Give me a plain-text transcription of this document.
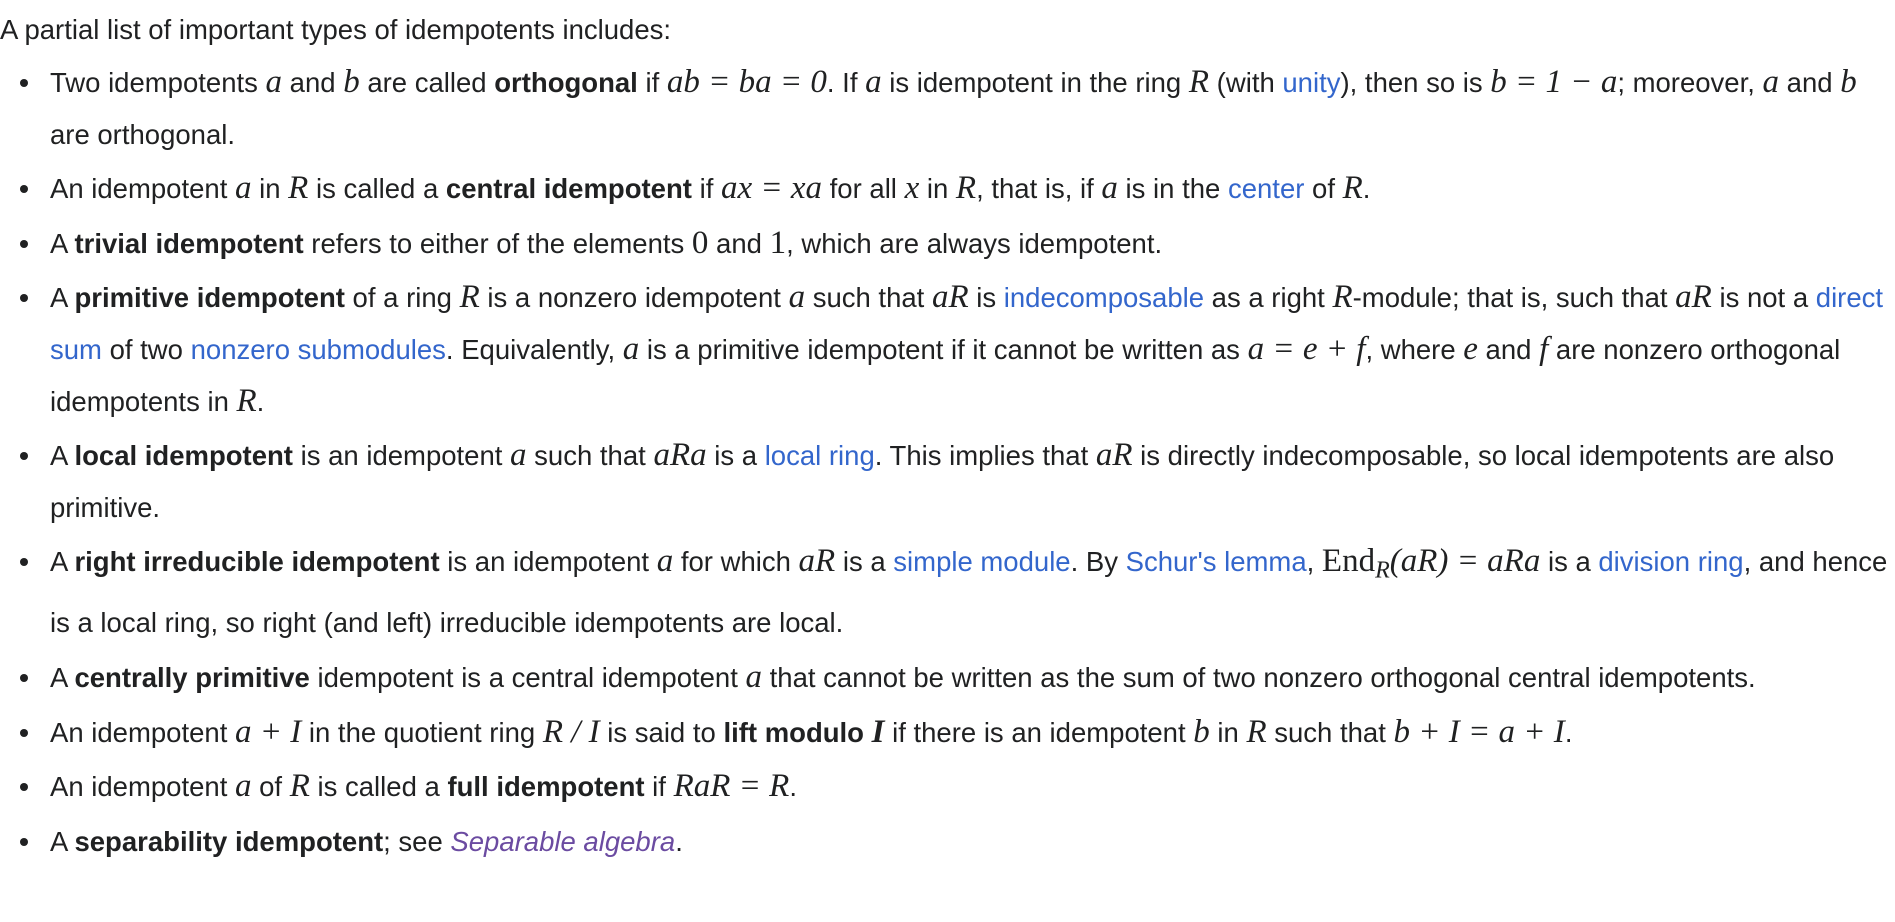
A partial list of important types of idempotents includes:

Two idempotents a and b are called orthogonal if ab = ba = 0. If a is idempotent in the ring R (with unity), then so is b = 1 − a; moreover, a and b are orthogonal.
An idempotent a in R is called a central idempotent if ax = xa for all x in R, that is, if a is in the center of R.
A trivial idempotent refers to either of the elements 0 and 1, which are always idempotent.
A primitive idempotent of a ring R is a nonzero idempotent a such that aR is indecomposable as a right R-module; that is, such that aR is not a direct sum of two nonzero submodules. Equivalently, a is a primitive idempotent if it cannot be written as a = e + f, where e and f are nonzero orthogonal idempotents in R.
A local idempotent is an idempotent a such that aRa is a local ring. This implies that aR is directly indecomposable, so local idempotents are also primitive.
A right irreducible idempotent is an idempotent a for which aR is a simple module. By Schur's lemma, End$_R$(aR) = aRa is a division ring, and hence is a local ring, so right (and left) irreducible idempotents are local.
A centrally primitive idempotent is a central idempotent a that cannot be written as the sum of two nonzero orthogonal central idempotents.
An idempotent a + I in the quotient ring R / I is said to lift modulo I if there is an idempotent b in R such that b + I = a + I.
An idempotent a of R is called a full idempotent if RaR = R.
A separability idempotent; see Separable algebra.
